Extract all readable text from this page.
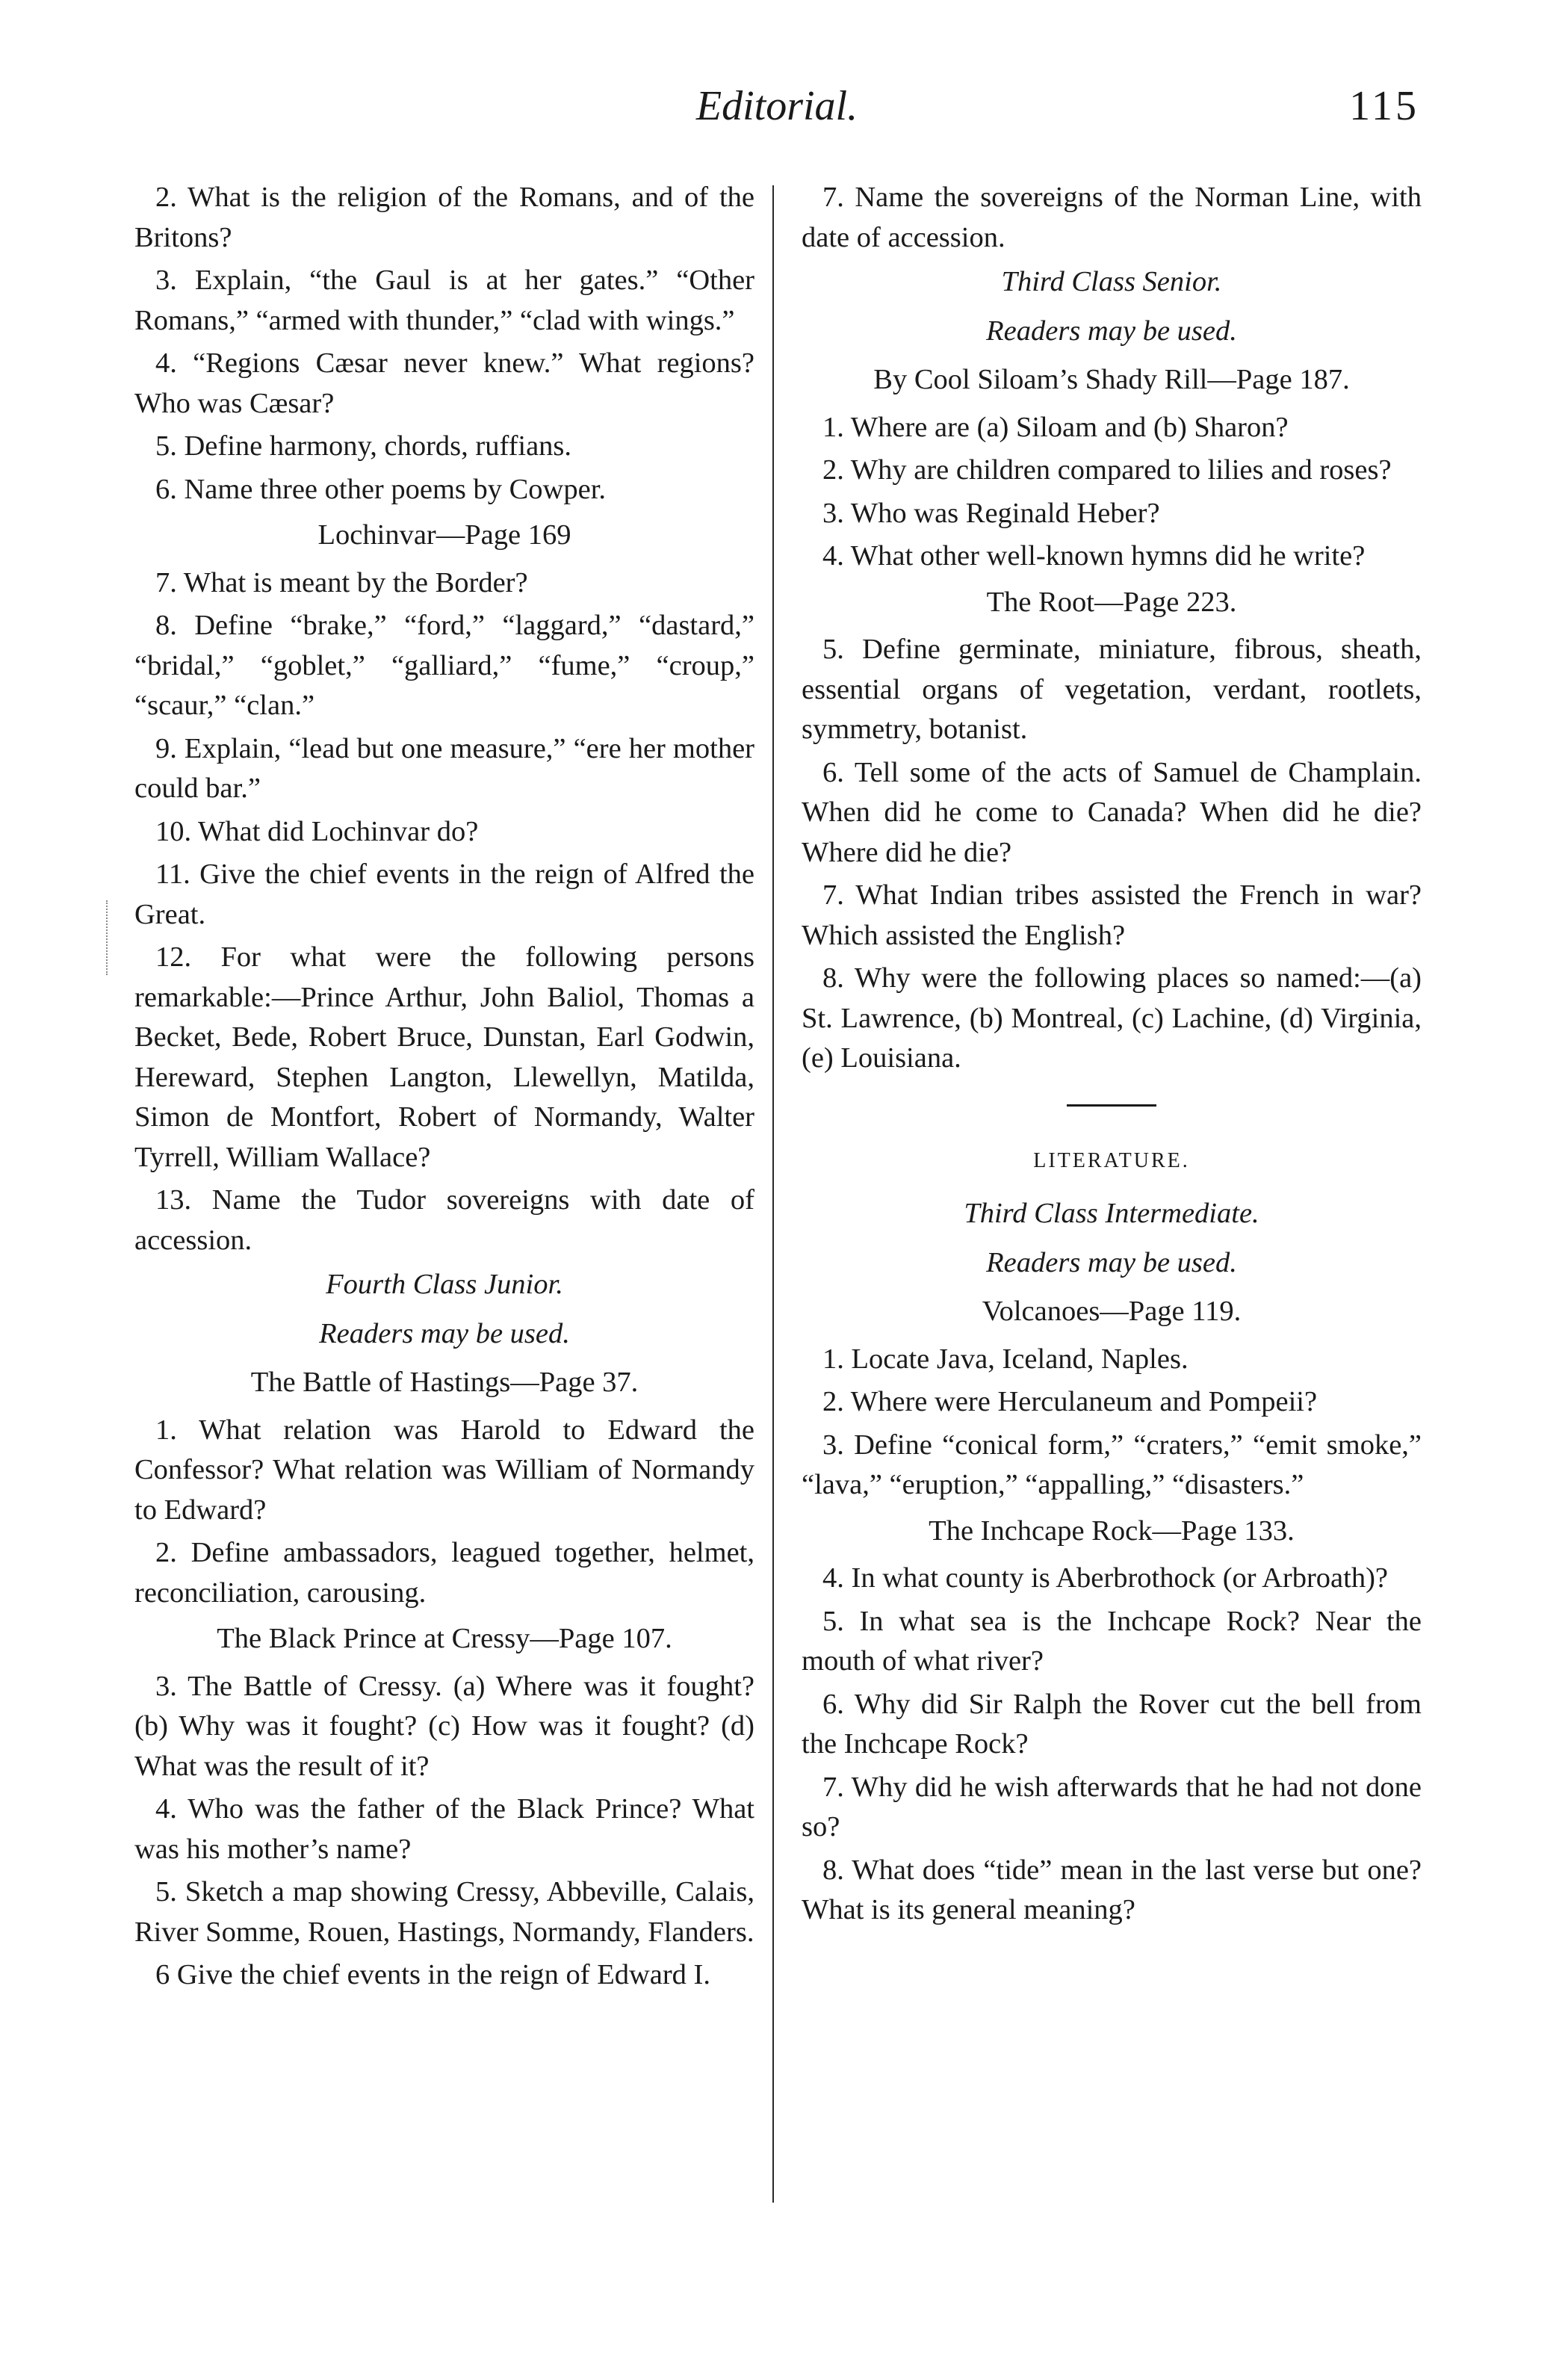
Editorial.	115

2. What is the religion of the Romans, and of the Britons?

3. Explain, “the Gaul is at her gates.” “Other Romans,” “armed with thunder,” “clad with wings.”

4. “Regions Cæsar never knew.” What regions? Who was Cæsar?

5. Define harmony, chords, ruffians.

6. Name three other poems by Cowper.

Lochinvar—Page 169

7. What is meant by the Border?

8. Define “brake,” “ford,” “laggard,” “dastard,” “bridal,” “goblet,” “galliard,” “fume,” “croup,” “scaur,” “clan.”

9. Explain, “lead but one measure,” “ere her mother could bar.”

10. What did Lochinvar do?

11. Give the chief events in the reign of Alfred the Great.

12. For what were the following persons remarkable:—Prince Arthur, John Baliol, Thomas a Becket, Bede, Robert Bruce, Dunstan, Earl Godwin, Hereward, Stephen Langton, Llewellyn, Matilda, Simon de Montfort, Robert of Normandy, Walter Tyrrell, William Wallace?

13. Name the Tudor sovereigns with date of accession.

Fourth Class Junior.

Readers may be used.

The Battle of Hastings—Page 37.

1. What relation was Harold to Edward the Confessor? What relation was William of Normandy to Edward?

2. Define ambassadors, leagued together, helmet, reconciliation, carousing.

The Black Prince at Cressy—Page 107.

3. The Battle of Cressy. (a) Where was it fought? (b) Why was it fought? (c) How was it fought? (d) What was the result of it?

4. Who was the father of the Black Prince? What was his mother’s name?

5. Sketch a map showing Cressy, Abbeville, Calais, River Somme, Rouen, Hastings, Normandy, Flanders.

6 Give the chief events in the reign of Edward I.

7. Name the sovereigns of the Norman Line, with date of accession.

Third Class Senior.

Readers may be used.

By Cool Siloam’s Shady Rill—Page 187.

1. Where are (a) Siloam and (b) Sharon?

2. Why are children compared to lilies and roses?

3. Who was Reginald Heber?

4. What other well-known hymns did he write?

The Root—Page 223.

5. Define germinate, miniature, fibrous, sheath, essential organs of vegetation, verdant, rootlets, symmetry, botanist.

6. Tell some of the acts of Samuel de Champlain. When did he come to Canada? When did he die? Where did he die?

7. What Indian tribes assisted the French in war? Which assisted the English?

8. Why were the following places so named:—(a) St. Lawrence, (b) Montreal, (c) Lachine, (d) Virginia, (e) Louisiana.

LITERATURE.

Third Class Intermediate.

Readers may be used.

Volcanoes—Page 119.

1. Locate Java, Iceland, Naples.

2. Where were Herculaneum and Pompeii?

3. Define “conical form,” “craters,” “emit smoke,” “lava,” “eruption,” “appalling,” “disasters.”

The Inchcape Rock—Page 133.

4. In what county is Aberbrothock (or Arbroath)?

5. In what sea is the Inchcape Rock? Near the mouth of what river?

6. Why did Sir Ralph the Rover cut the bell from the Inchcape Rock?

7. Why did he wish afterwards that he had not done so?

8. What does “tide” mean in the last verse but one? What is its general meaning?
